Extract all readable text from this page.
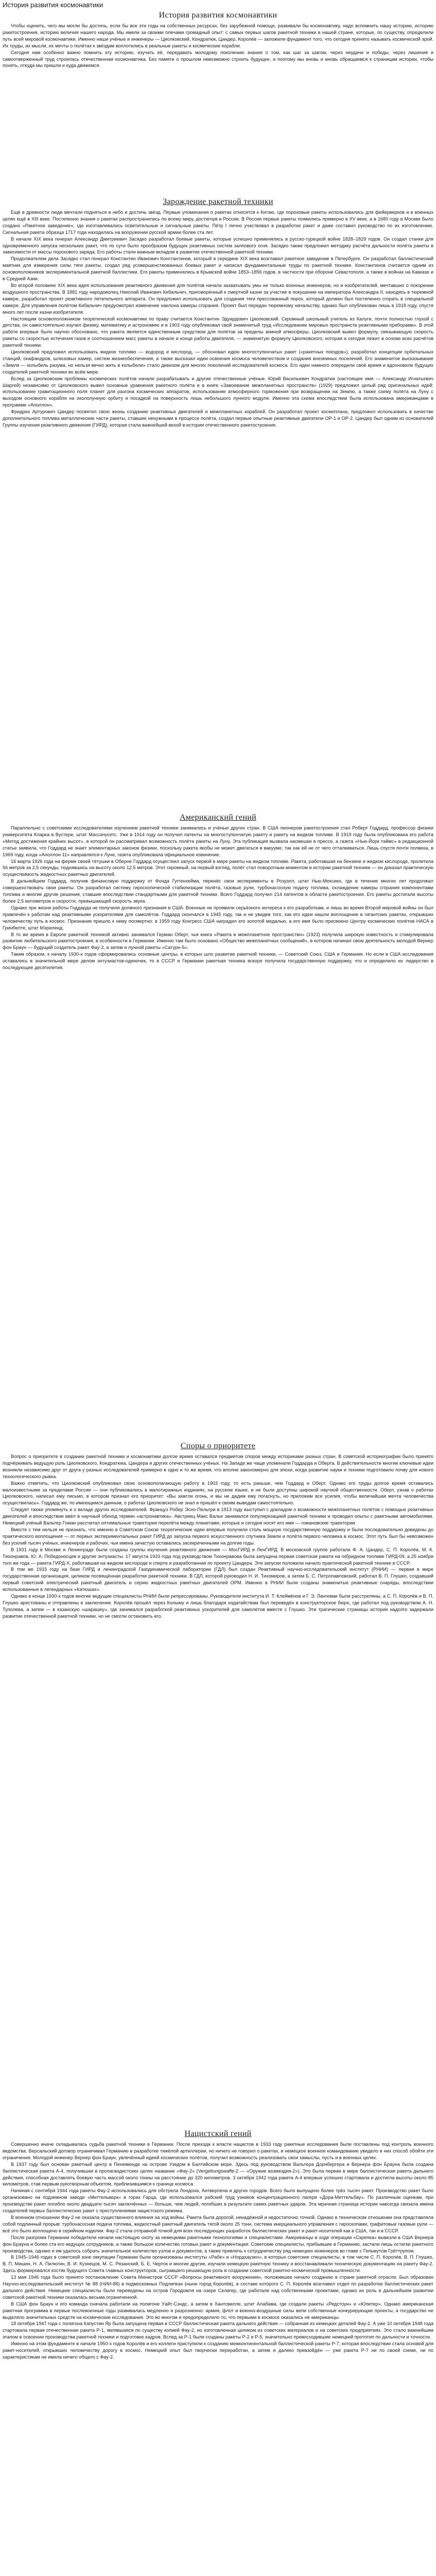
История развития космонавтики
История развития космонавтики

Чтобы оценить, чего мы могли бы достичь, если бы все эти годы на собственных ресурсах, без зарубежной помощи, развивали бы космонавтику, надо вспомнить нашу историю, историю ракетостроения, историю величия нашего народа. Мы имели за своими плечами громадный опыт: с самых первых шагов ракетной техники в нашей стране, которые, по существу, определили путь всей мировой космонавтики. Именно наши учёные и инженеры — Циолковский, Кондратюк, Цандер, Королёв — заложили фундамент того, что сегодня принято называть космической эрой. Их труды, их мысли, их мечты о полётах к звёздам воплотились в реальные ракеты и космические корабли.

Сегодня нам особенно важно помнить эту историю, изучать её, передавать молодому поколению знания о том, как шаг за шагом, через неудачи и победы, через лишения и самоотверженный труд строилась отечественная космонавтика. Без памяти о прошлом невозможно строить будущее, и поэтому мы вновь и вновь обращаемся к страницам истории, чтобы понять, откуда мы пришли и куда движемся.

Зарождение ракетной техники

Ещё в древности люди мечтали подняться в небо и достичь звёзд. Первые упоминания о ракетах относятся к Китаю, где пороховые ракеты использовались для фейерверков и в военных целях ещё в XIII веке. Постепенно знания о ракетах распространились по всему миру, достигнув и России. В России первые ракеты появились примерно в XV веке, а в 1680 году в Москве было создано «Ракетное заведение», где изготавливались осветительные и сигнальные ракеты. Пётр I лично участвовал в разработке ракет и даже составил руководство по их изготовлению. Сигнальная ракета образца 1717 года находилась на вооружении русской армии более ста лет.

В начале XIX века генерал Александр Дмитриевич Засядко разработал боевые ракеты, которые успешно применялись в русско-турецкой войне 1828–1829 годов. Он создал станки для одновременного запуска нескольких ракет, что по сути было прообразом будущих реактивных систем залпового огня. Засядко также предложил методику расчёта дальности полёта ракеты в зависимости от массы порохового заряда. Его работы стали важным вкладом в развитие отечественной ракетной техники.

Продолжателем дела Засядко стал генерал Константин Иванович Константинов, который в середине XIX века возглавил ракетное заведение в Петербурге. Он разработал баллистический маятник для измерения силы тяги ракеты, создал ряд усовершенствованных боевых ракет и написал фундаментальные труды по ракетной технике. Константинов считается одним из основоположников экспериментальной ракетной баллистики. Его ракеты применялись в Крымской войне 1853–1856 годов, в частности при обороне Севастополя, а также в войнах на Кавказе и в Средней Азии.

Во второй половине XIX века идея использования реактивного движения для полётов начала захватывать умы не только военных инженеров, но и изобретателей, мечтавших о покорении воздушного пространства. В 1881 году народоволец Николай Иванович Кибальчич, приговорённый к смертной казни за участие в покушении на императора Александра II, находясь в тюремной камере, разработал проект реактивного летательного аппарата. Он предложил использовать для создания тяги прессованный порох, который должен был постепенно сгорать в специальной камере. Для управления полётом Кибальчич предусмотрел изменение наклона камеры сгорания. Проект был передан тюремному начальству, однако был опубликован лишь в 1918 году, спустя много лет после казни изобретателя.

Настоящим основоположником теоретической космонавтики по праву считается Константин Эдуардович Циолковский. Скромный школьный учитель из Калуги, почти полностью глухой с детства, он самостоятельно изучил физику, математику и астрономию и в 1903 году опубликовал свой знаменитый труд «Исследование мировых пространств реактивными приборами». В этой работе впервые было научно обосновано, что ракета является единственным средством для полётов за пределы земной атмосферы. Циолковский вывел формулу, связывающую скорость ракеты со скоростью истечения газов и соотношением масс ракеты в начале и конце работы двигателя, — знаменитую формулу Циолковского, которая и сегодня лежит в основе всех расчётов ракетной техники.

Циолковский предложил использовать жидкое топливо — водород и кислород, — обосновал идею многоступенчатых ракет («ракетных поездов»), разработал концепции орбитальных станций, скафандров, шлюзовых камер, систем жизнеобеспечения, а также высказал идеи освоения космоса человечеством и создания внеземных поселений. Его знаменитое высказывание «Земля — колыбель разума, но нельзя вечно жить в колыбели» стало девизом для многих поколений исследователей космоса. Его идеи намного опередили своё время и вдохновили будущих создателей ракетной техники во всём мире.

Вслед за Циолковским проблемы космических полётов начали разрабатывать и другие отечественные учёные. Юрий Васильевич Кондратюк (настоящее имя — Александр Игнатьевич Шаргей) независимо от Циолковского вывел основные уравнения ракетного полёта и в книге «Завоевание межпланетных пространств» (1929) предложил целый ряд оригинальных идей: использование гравитационного поля планет для разгона космических аппаратов, использование атмосферного торможения при возвращении на Землю, а также схему полёта на Луну с выходом основного корабля на окололунную орбиту и посадкой на поверхность лишь небольшого лунного модуля. Именно эта схема впоследствии была использована американцами в программе «Аполлон».

Фридрих Артурович Цандер посвятил свою жизнь созданию реактивных двигателей и межпланетных кораблей. Он разработал проект космоплана, предложил использовать в качестве дополнительного топлива металлические части ракеты, ставшие ненужными в процессе полёта, создал первые опытные реактивные двигатели ОР-1 и ОР-2. Цандер был одним из основателей Группы изучения реактивного движения (ГИРД), которая стала важнейшей вехой в истории отечественного ракетостроения.

Американский гений

Параллельно с советскими исследователями изучением ракетной техники занимались и учёные других стран. В США пионером ракетостроения стал Роберт Годдард, профессор физики университета Кларка в Вустере, штат Массачусетс. Уже в 1914 году он получил патенты на многоступенчатую ракету и ракету на жидком топливе. В 1919 году была опубликована его работа «Метод достижения крайних высот», в которой он рассматривал возможность полёта ракеты на Луну. Эта публикация вызвала насмешки в прессе, а газета «Нью-Йорк таймс» в редакционной статье заявила, что Годдард не знает элементарных законов физики, поскольку ракета якобы не может двигаться в вакууме, так как ей не от чего отталкиваться. Лишь спустя почти полвека, в 1969 году, когда «Аполлон-11» направлялся к Луне, газета опубликовала официальное извинение.

16 марта 1926 года на ферме своей тётушки в Оберне Годдард осуществил запуск первой в мире ракеты на жидком топливе. Ракета, работавшая на бензине и жидком кислороде, пролетела 56 метров за 2,5 секунды, поднявшись на высоту около 12,5 метров. Этот скромный, на первый взгляд, полёт стал поворотным моментом в истории ракетной техники — он доказал практическую осуществимость жидкостных ракетных двигателей.

В дальнейшем Годдард, получив финансовую поддержку от Фонда Гуггенхейма, перенёс свои эксперименты в Розуэлл, штат Нью-Мексико, где в течение многих лет продолжал совершенствовать свои ракеты. Он разработал систему гироскопической стабилизации полёта, газовые рули, турбонасосную подачу топлива, охлаждение камеры сгорания компонентами топлива и многие другие решения, ставшие впоследствии стандартными для ракетной техники. Всего Годдард получил 214 патентов в области ракетостроения. Его ракеты достигали высоты более 2,5 километров и скорости, превышающей скорость звука.

Однако при жизни работы Годдарда не получили должного признания в США. Военные не проявили серьёзного интереса к его разработкам, и лишь во время Второй мировой войны он был привлечён к работам над реактивными ускорителями для самолётов. Годдард скончался в 1945 году, так и не увидев того, как его идеи нашли воплощение в гигантских ракетах, открывших человечеству путь в космос. Признание пришло к нему посмертно: в 1959 году Конгресс США наградил его золотой медалью, а его имя было присвоено Центру космических полётов НАСА в Гринбелте, штат Мэриленд.

В то же время в Европе ракетной техникой активно занимался Герман Оберт, чья книга «Ракета в межпланетное пространство» (1923) получила широкую известность и стимулировала развитие любительского ракетостроения, в особенности в Германии. Именно там было основано «Общество межпланетных сообщений», в котором начинал свою деятельность молодой Вернер фон Браун — будущий создатель ракет Фау-2, а затем и лунной ракеты «Сатурн-5».

Таким образом, к началу 1930-х годов сформировались основные центры, в которых шло развитие ракетной техники, — Советский Союз, США и Германия. Но если в США исследования оставались в значительной мере делом энтузиастов-одиночек, то в СССР и Германии ракетная техника вскоре получила государственную поддержку, что и определило их лидерство в последующие десятилетия.

Споры о приоритете

Вопрос о приоритете в создании ракетной техники и космонавтики долгое время оставался предметом споров между историками разных стран. В советской историографии было принято подчёркивать ведущую роль Циолковского, Кондратюка, Цандера и других отечественных учёных. На Западе же чаще упоминали Годдарда и Оберта. В действительности многие ключевые идеи возникли независимо друг от друга у разных исследователей примерно в одно и то же время, что вполне закономерно для эпохи, когда развитие науки и техники подготовило почву для нового технологического рывка.

Важно отметить, что Циолковский опубликовал свою основополагающую работу в 1903 году, то есть раньше, чем Годдард и Оберт. Однако его труды долгое время оставались малоизвестными за пределами России — они публиковались в малотиражных изданиях, на русском языке, и не были доступны широкой научной общественности. Оберт, узнав о работах Циолковского, написал ему письмо, в котором признал его приоритет: «Вы зажгли огонь, и мы не дадим ему погаснуть, но приложим все усилия, чтобы величайшая мечта человечества осуществилась». Годдард же, по имеющимся данным, о работах Циолковского не знал и пришёл к своим выводам самостоятельно.

Следует также упомянуть и о вкладе других исследователей. Француз Робер Эсно-Пельтри в 1913 году выступил с докладом о возможности межпланетных полётов с помощью реактивных двигателей и впоследствии ввёл в научный обиход термин «астронавтика». Австриец Макс Валье занимался популяризацией ракетной техники и проводил опыты с ракетными автомобилями. Немецкий учёный Вальтер Гоман рассчитал оптимальные траектории перелёта между планетами, которые и сегодня носят его имя — гомановские траектории.

Вместе с тем нельзя не признать, что именно в Советском Союзе теоретические идеи впервые получили столь мощную государственную поддержку и были последовательно доведены до практического воплощения — от первых экспериментальных ракет ГИРД до запуска первого искусственного спутника Земли и полёта первого человека в космос. Этот путь был бы невозможен без усилий тысяч учёных, инженеров и рабочих, чьи имена зачастую оставались засекреченными на долгие годы.

В 1931 году в Москве и Ленинграде были созданы группы изучения реактивного движения — МосГИРД и ЛенГИРД. В московской группе работали Ф. А. Цандер, С. П. Королёв, М. К. Тихонравов, Ю. А. Победоносцев и другие энтузиасты. 17 августа 1933 года под руководством Тихонравова была запущена первая советская ракета на гибридном топливе ГИРД-09, а 25 ноября того же года — ракета ГИРД-Х, работавшая на жидком кислороде и спирте и разработанная по проекту Цандера. Эти запуски положили начало практической ракетной технике в СССР.

В том же 1933 году на базе ГИРД и ленинградской Газодинамической лаборатории (ГДЛ) был создан Реактивный научно-исследовательский институт (РНИИ) — первая в мире государственная организация, целиком посвящённая разработке ракетной техники. В ГДЛ, которой руководил Н. И. Тихомиров, а затем Б. С. Петропавловский, работал В. П. Глушко, создавший первый советский электрический ракетный двигатель и серию жидкостных ракетных двигателей ОРМ. Именно в РНИИ были созданы знаменитые реактивные снаряды, впоследствии использованные в легендарных «Катюшах».

Однако в конце 1930-х годов многие ведущие специалисты РНИИ были репрессированы. Руководители института И. Т. Клеймёнов и Г. Э. Лангемак были расстреляны, а С. П. Королёв и В. П. Глушко арестованы и отправлены в заключение. Королёв прошёл через Колыму и лишь благодаря ходатайствам был переведён в конструкторское бюро, где работал под руководством А. Н. Туполева, а затем — в казанскую «шарашку», где занимался разработкой реактивных ускорителей для самолётов вместе с Глушко. Эти трагические страницы истории надолго задержали развитие отечественной ракетной техники, но не смогли остановить его.

Нацистский гений

Совершенно иначе складывалась судьба ракетной техники в Германии. После прихода к власти нацистов в 1933 году ракетные исследования были поставлены под контроль военного ведомства. Версальский договор ограничивал Германию в разработке тяжёлой артиллерии, но ничего не говорил о ракетах, и немецкое военное командование увидело в них способ обойти эти ограничения. Молодой инженер Вернер фон Браун, увлечённый идеей космических полётов, получил возможность реализовать свои замыслы, пусть и в военных целях.

В 1937 году был основан ракетный центр в Пенемюнде на острове Узедом в Балтийском море. Здесь под руководством Вальтера Дорнбергера и Вернера фон Брауна была создана баллистическая ракета А-4, получившая в пропагандистских целях название «Фау-2» (Vergeltungswaffe-2 — «Оружие возмездия-2»). Это была первая в мире баллистическая ракета дальнего действия, способная доставлять боевую часть массой около тонны на расстояние до 320 километров. 3 октября 1942 года ракета А-4 впервые успешно стартовала и достигла высоты около 85 километров, став первым рукотворным объектом, приблизившимся к границе космоса.

Начиная с сентября 1944 года ракеты Фау-2 использовались для обстрела Лондона, Антверпена и других городов. Всего было выпущено более трёх тысяч ракет. Производство ракет было организовано на подземном заводе «Миттельверк» в горах Гарца, где использовался рабский труд узников концентрационного лагеря «Дора-Миттельбау». По различным оценкам, при производстве ракет погибло около двадцати тысяч заключённых — больше, чем людей, погибших в результате самих ракетных ударов. Эта мрачная страница истории навсегда связала имена создателей первых баллистических ракет с преступлениями нацистского режима.

В военном отношении Фау-2 не оказала существенного влияния на ход войны. Ракета была дорогой, ненадёжной и недостаточно точной. Однако в техническом отношении она представляла собой подлинный прорыв: турбонасосная подача топлива, жидкостный ракетный двигатель тягой около 25 тонн, система инерциального управления с гироскопами, графитовые газовые рули — всё это было воплощено в серийном изделии. Фау-2 стала отправной точкой для всех последующих разработок баллистических ракет и ракет-носителей как в США, так и в СССР.

После разгрома Германии победители начали настоящую охоту за немецкими ракетными технологиями и специалистами. Американцы в ходе операции «Скрепка» вывезли в США Вернера фон Брауна и более ста его ведущих сотрудников, а также большое количество готовых ракет и документации. Советские специалисты, прибывшие в Германию, застали лишь остатки ракетного производства, однако и им удалось собрать значительное количество узлов и документов, а также привлечь к сотрудничеству ряд немецких инженеров во главе с Гельмутом Грёттрупом.

В 1945–1946 годах в советской зоне оккупации Германии были организованы институты «Рабе» и «Нордхаузен», в которых советские специалисты, в том числе С. П. Королёв, В. П. Глушко, В. П. Мишин, Н. А. Пилюгин, В. И. Кузнецов, М. С. Рязанский, Б. Е. Черток и многие другие, изучали немецкую ракетную технику и восстанавливали техническую документацию на ракету Фау-2. Здесь формировался костяк будущего Совета главных конструкторов, сыгравшего решающую роль в создании советской ракетно-космической промышленности.

13 мая 1946 года было принято постановление Совета Министров СССР «Вопросы реактивного вооружения», положившее начало созданию в стране ракетной отрасли. Был образован Научно-исследовательский институт № 88 (НИИ-88) в подмосковных Подлипках (ныне город Королёв), в составе которого С. П. Королёв возглавил отдел по разработке баллистических ракет дальнего действия. Немецкие специалисты были переведены на остров Городомля на озере Селигер, где работали над собственными проектами, однако их роль в дальнейшем развитии советской ракетной техники оказалась весьма ограниченной.

В США фон Браун и его команда сначала работали на полигоне Уайт-Сэндс, а затем в Хантсвилле, штат Алабама, где создали ракеты «Редстоун» и «Юпитер». Однако американская ракетная программа в первые послевоенные годы развивалась медленно и разрозненно: армия, флот и военно-воздушные силы вели собственные конкурирующие проекты, а государство не выделяло значительных средств на космические исследования. Это во многом и предопределило то, что первыми в космосе оказались не американцы.

18 октября 1947 года с полигона Капустин Яр была запущена первая в СССР баллистическая ракета дальнего действия — собранная из немецких деталей Фау-2. А уже 10 октября 1948 года стартовала первая отечественная ракета Р-1, являвшаяся по существу копией Фау-2, но изготовленная целиком из советских материалов и на советских предприятиях. Это стало важнейшим этапом в освоении производства ракетной техники и подготовке кадров. Вслед за Р-1 были созданы ракеты Р-2 и Р-5, значительно превосходившие немецкий прототип по дальности и точности.

Именно на этом фундаменте в начале 1950-х годов Королёв и его коллеги приступили к созданию межконтинентальной баллистической ракеты Р-7, которая впоследствии стала основой для ракет-носителей, открывших человечеству дорогу в космос. Немецкий опыт был творчески переработан, а затем и далеко превзойдён — уже ракета Р-7 ни по своей схеме, ни по характеристикам не имела ничего общего с Фау-2.
